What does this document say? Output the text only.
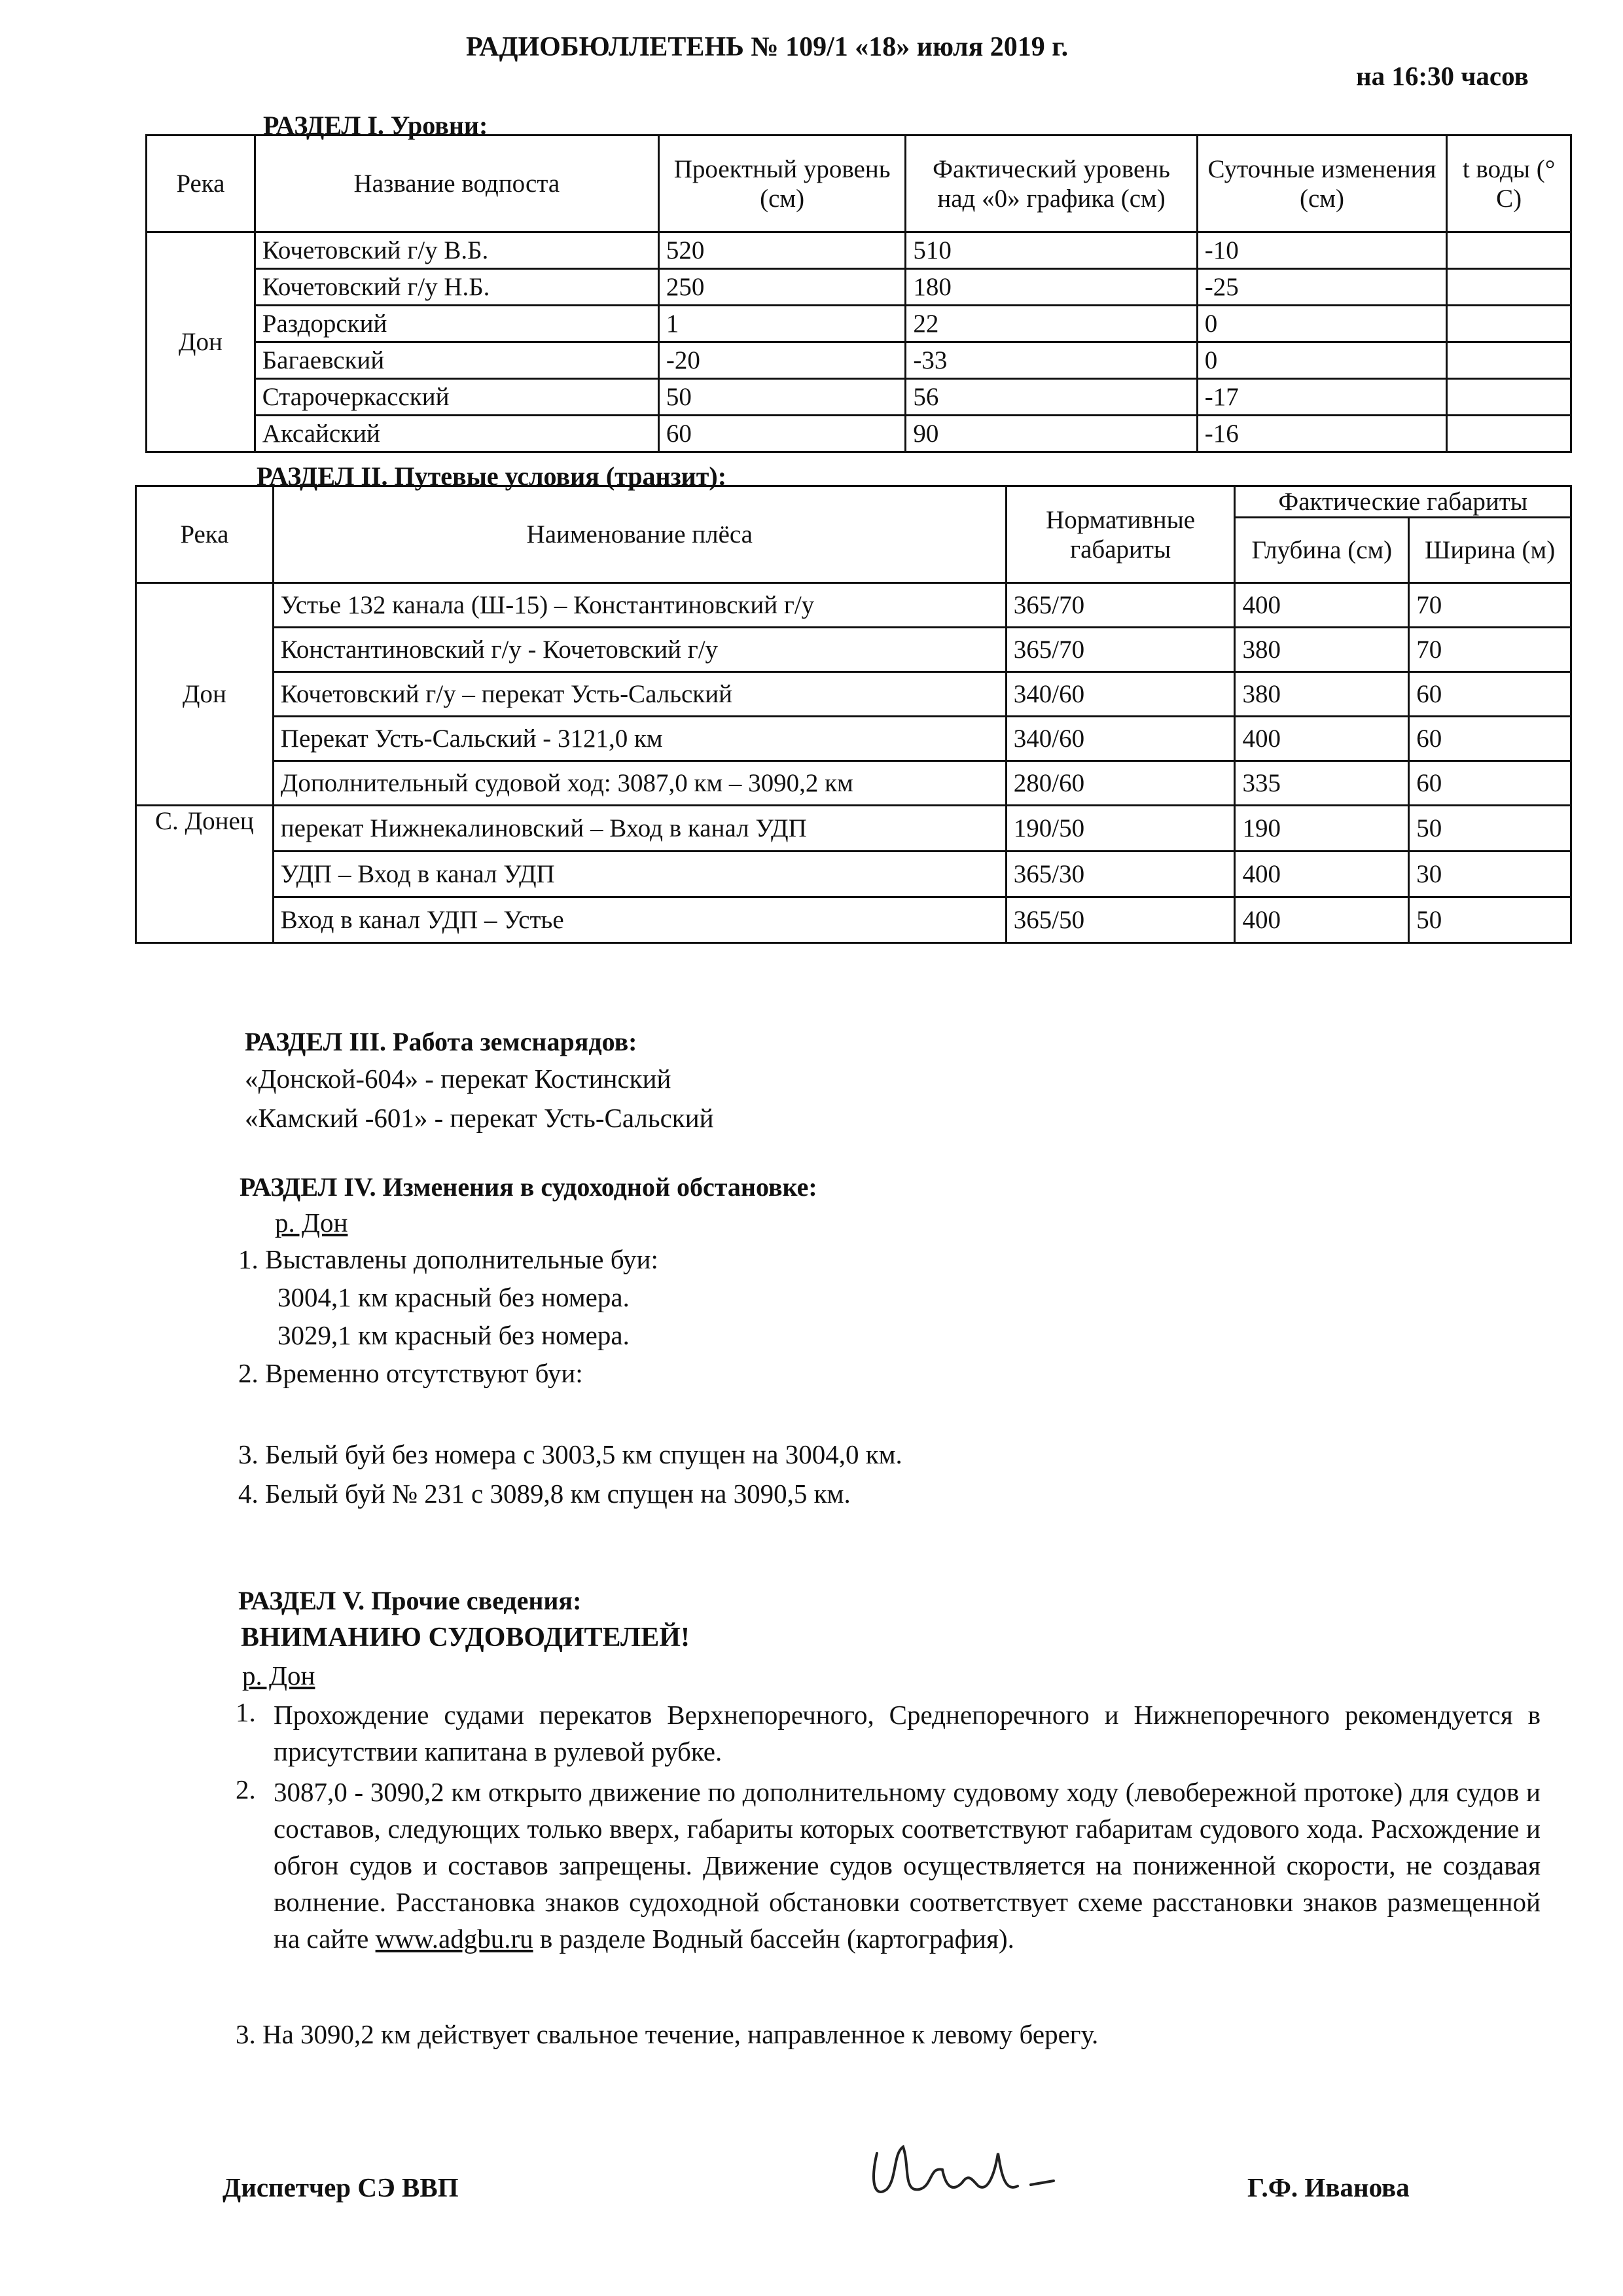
РАДИОБЮЛЛЕТЕНЬ № 109/1 «18» июля 2019 г.
на 16:30 часов
РАЗДЕЛ I. Уровни:
Река	Название водпоста	Проектный уровень (см)	Фактический уровень над «0» графика (см)	Суточные изменения (см)	t воды (° С)
Дон	Кочетовский г/у В.Б.	520	510	-10	
	Кочетовский г/у Н.Б.	250	180	-25	
	Раздорский	1	22	0	
	Багаевский	-20	-33	0	
	Старочеркасский	50	56	-17	
	Аксайский	60	90	-16	
РАЗДЕЛ II. Путевые условия (транзит):
Река	Наименование плёса	Нормативные габариты	Фактические габариты	
			Глубина (см)	Ширина (м)
Дон	Устье 132 канала (Ш-15) – Константиновский г/у	365/70	400	70
	Константиновский г/у - Кочетовский г/у	365/70	380	70
	Кочетовский г/у – перекат Усть-Сальский	340/60	380	60
	Перекат Усть-Сальский - 3121,0 км	340/60	400	60
	Дополнительный судовой ход: 3087,0 км – 3090,2 км	280/60	335	60
С. Донец	перекат Нижнекалиновский – Вход в канал УДП	190/50	190	50
	УДП – Вход в канал УДП	365/30	400	30
	Вход в канал УДП – Устье	365/50	400	50
РАЗДЕЛ III. Работа земснарядов:
«Донской-604» - перекат Костинский
«Камский -601» - перекат Усть-Сальский
РАЗДЕЛ IV. Изменения в судоходной обстановке:
р. Дон
1. Выставлены дополнительные буи:
3004,1 км красный без номера.
3029,1 км красный без номера.
2. Временно отсутствуют буи:
3. Белый буй без номера с 3003,5 км спущен на 3004,0 км.
4. Белый буй № 231 с 3089,8 км спущен на 3090,5 км.
РАЗДЕЛ V. Прочие сведения:
ВНИМАНИЮ СУДОВОДИТЕЛЕЙ!
р. Дон
1. Прохождение судами перекатов Верхнепоречного, Среднепоречного и Нижнепоречного рекомендуется в присутствии капитана в рулевой рубке.
2. 3087,0 - 3090,2 км открыто движение по дополнительному судовому ходу (левобережной протоке) для судов и составов, следующих только вверх, габариты которых соответствуют габаритам судового хода. Расхождение и обгон судов и составов запрещены. Движение судов осуществляется на пониженной скорости, не создавая волнение. Расстановка знаков судоходной обстановки соответствует схеме расстановки знаков размещенной на сайте www.adgbu.ru в разделе Водный бассейн (картография).
3. На 3090,2 км действует свальное течение, направленное к левому берегу.
Диспетчер СЭ ВВП	Г.Ф. Иванова
